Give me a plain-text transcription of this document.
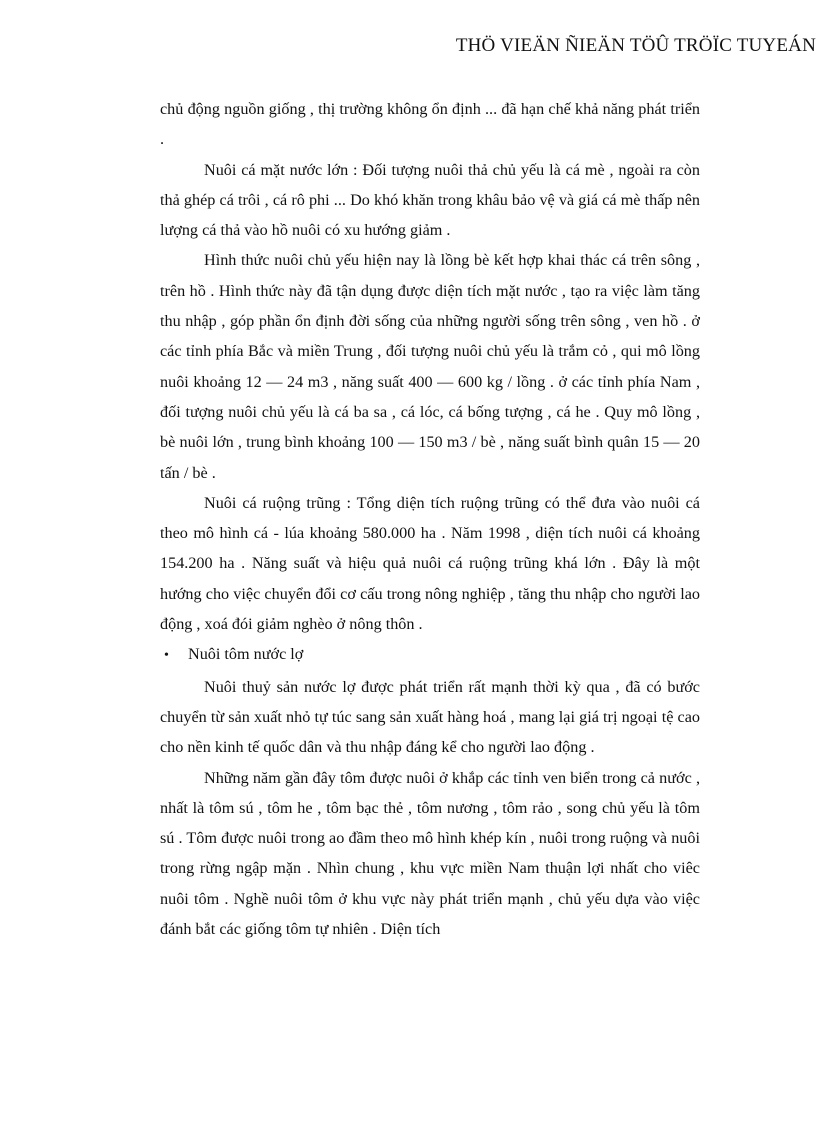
THÖ VIEÄN ÑIEÄN TÖÛ TRÖÏC TUYEÁN

chủ động nguồn giống , thị trường không ổn định ... đã hạn chế khả năng phát triển .

Nuôi cá mặt nước lớn : Đối tượng nuôi thả chủ yếu là cá mè , ngoài ra còn thả ghép cá trôi , cá rô phi ... Do khó khăn trong khâu bảo vệ và giá cá mè thấp nên lượng cá thả vào hồ nuôi có xu hướng giảm .

Hình thức nuôi chủ yếu hiện nay là lồng bè kết hợp khai thác cá trên sông , trên hồ . Hình thức này đã tận dụng được diện tích mặt nước , tạo ra việc làm tăng thu nhập , góp phần ổn định đời sống của những người sống trên sông , ven hồ . ở các tỉnh phía Bắc và miền Trung , đối tượng nuôi chủ yếu là trắm cỏ , qui mô lồng nuôi khoảng 12 — 24 m3 , năng suất 400 — 600 kg / lồng . ở các tỉnh phía Nam , đối tượng nuôi chủ yếu là cá ba sa , cá lóc, cá bống tượng , cá he . Quy mô lồng , bè nuôi lớn , trung bình khoảng 100 — 150 m3 / bè , năng suất bình quân 15 — 20 tấn / bè .

Nuôi cá ruộng trũng : Tổng diện tích ruộng trũng có thể đưa vào nuôi cá theo mô hình cá - lúa khoảng 580.000 ha . Năm 1998 , diện tích nuôi cá khoảng 154.200 ha . Năng suất và hiệu quả nuôi cá ruộng trũng khá lớn . Đây là một hướng cho việc chuyển đổi cơ cấu trong nông nghiệp , tăng thu nhập cho người lao động , xoá đói giảm nghèo ở nông thôn .

•	Nuôi tôm nước lợ

Nuôi thuỷ sản nước lợ được phát triển rất mạnh thời kỳ qua , đã có bước chuyển từ sản xuất nhỏ tự túc sang sản xuất hàng hoá , mang lại giá trị ngoại tệ cao cho nền kinh tế quốc dân và thu nhập đáng kể cho người lao động .

Những năm gần đây tôm được nuôi ở khắp các tỉnh ven biển trong cả nước , nhất là tôm sú , tôm he , tôm bạc thẻ , tôm nương , tôm rảo , song chủ yếu là tôm sú . Tôm được nuôi trong ao đầm theo mô hình khép kín , nuôi trong ruộng và nuôi trong rừng ngập mặn . Nhìn chung , khu vực miền Nam thuận lợi nhất cho viêc nuôi tôm . Nghề nuôi tôm ở khu vực này phát triển mạnh , chủ yếu dựa vào việc đánh bắt các giống tôm tự nhiên . Diện tích
